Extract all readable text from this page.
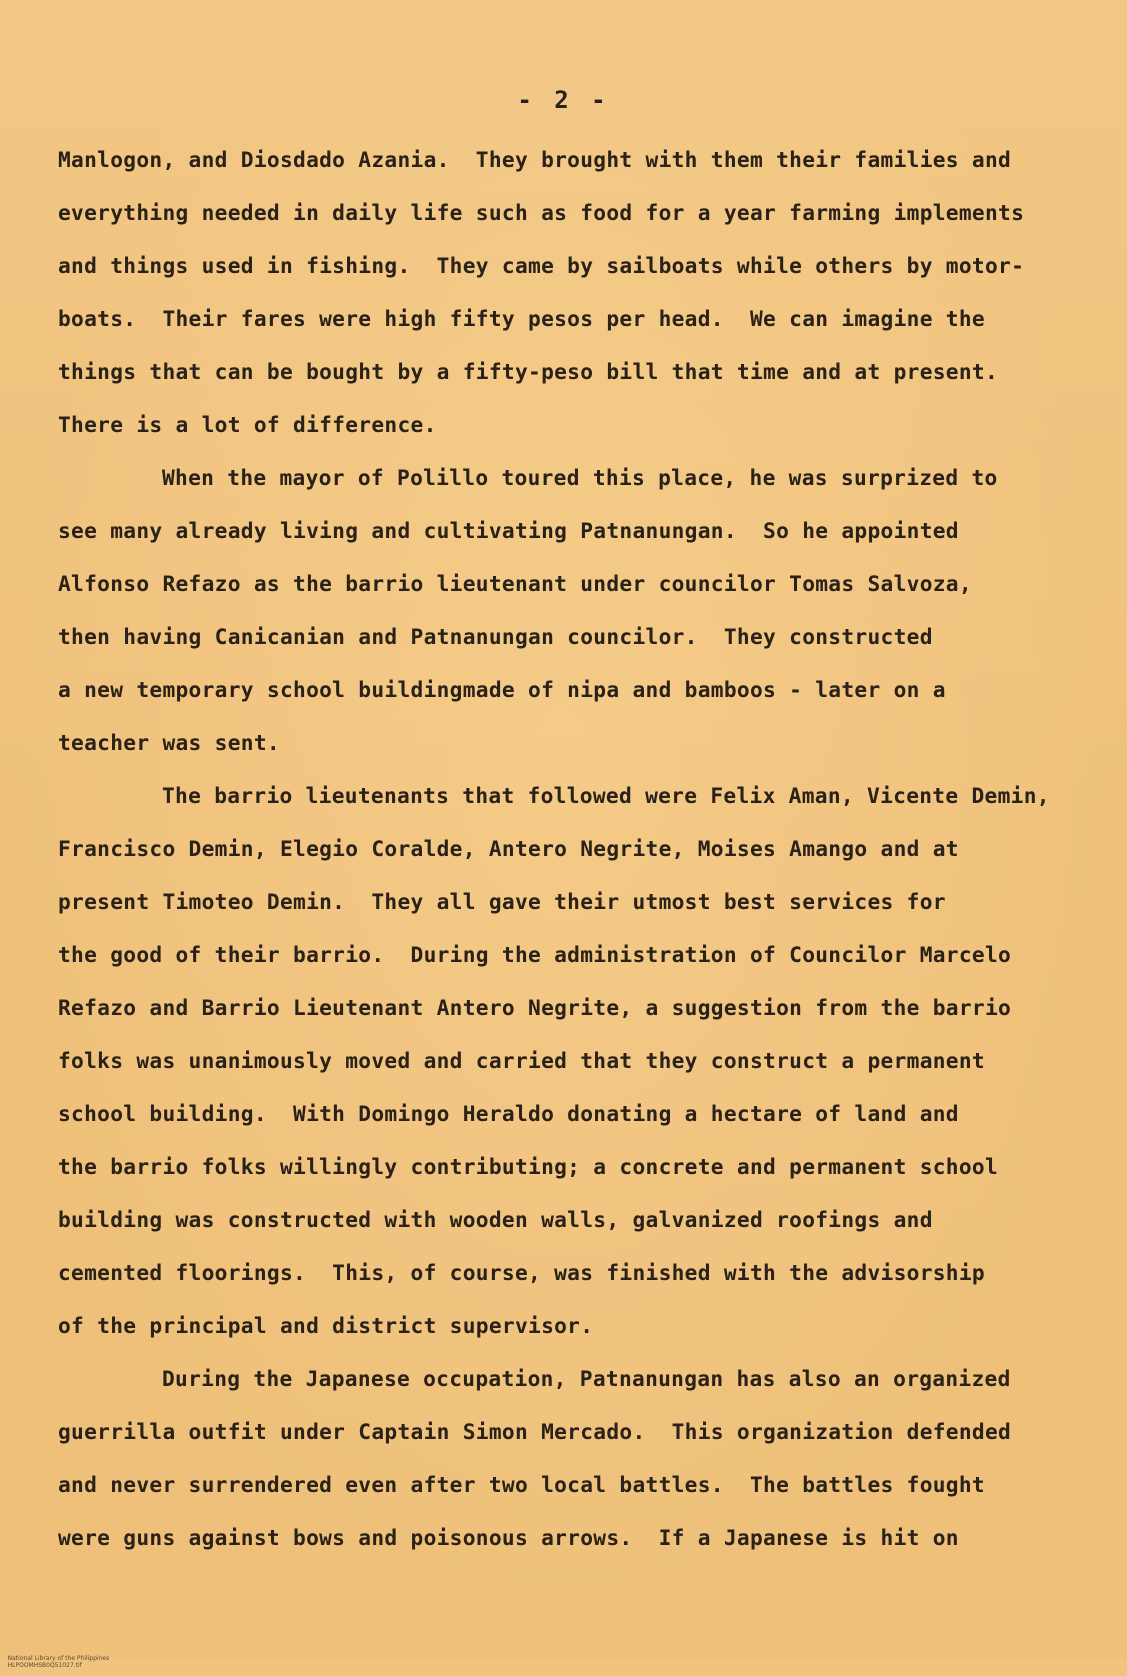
- 2 -
Manlogon, and Diosdado Azania.  They brought with them their families and
everything needed in daily life such as food for a year farming implements
and things used in fishing.  They came by sailboats while others by motor-
boats.  Their fares were high fifty pesos per head.  We can imagine the
things that can be bought by a fifty-peso bill that time and at present.
There is a lot of difference.
When the mayor of Polillo toured this place, he was surprized to
see many already living and cultivating Patnanungan.  So he appointed
Alfonso Refazo as the barrio lieutenant under councilor Tomas Salvoza,
then having Canicanian and Patnanungan councilor.  They constructed
a new temporary school buildingmade of nipa and bamboos - later on a
teacher was sent.
The barrio lieutenants that followed were Felix Aman, Vicente Demin,
Francisco Demin, Elegio Coralde, Antero Negrite, Moises Amango and at
present Timoteo Demin.  They all gave their utmost best services for
the good of their barrio.  During the administration of Councilor Marcelo
Refazo and Barrio Lieutenant Antero Negrite, a suggestion from the barrio
folks was unanimously moved and carried that they construct a permanent
school building.  With Domingo Heraldo donating a hectare of land and
the barrio folks willingly contributing; a concrete and permanent school
building was constructed with wooden walls, galvanized roofings and
cemented floorings.  This, of course, was finished with the advisorship
of the principal and district supervisor.
During the Japanese occupation, Patnanungan has also an organized
guerrilla outfit under Captain Simon Mercado.  This organization defended
and never surrendered even after two local battles.  The battles fought
were guns against bows and poisonous arrows.  If a Japanese is hit on

National Library of the Philippines
HLPOOMHSB0Q51027.tif
